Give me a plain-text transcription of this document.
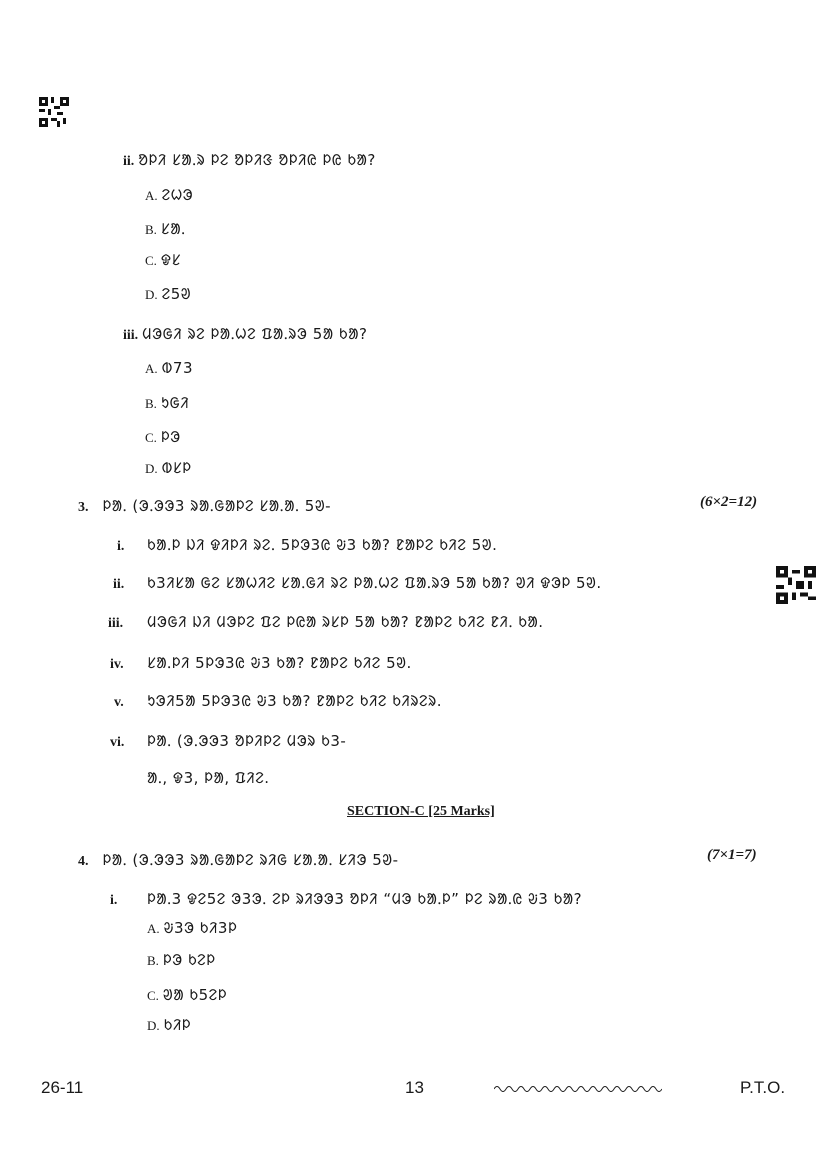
ii. ᱚᱞᱤ ᱥᱟᱹᱨ ᱞᱮ ᱚᱞᱤᱝ ᱚᱞᱤᱭ ᱞᱭ ᱠᱟ?
A. ᱮᱦᱳ
B. ᱥᱟᱹ
C. ᱫᱥ
D. ᱮ5ᱣ
iii. ᱢᱳᱜᱤ ᱨᱮ ᱞᱟᱹᱦᱮ ᱯᱟᱹᱨᱳ 5ᱟ ᱠᱟ?
A. ᱵ73
B. ᱩᱜᱤ
C. ᱞᱳ
D. ᱵᱥᱞ
3. ᱞᱟᱹ (ᱳᱹᱳᱳ3 ᱨᱟᱹᱜᱟᱞᱮ ᱥᱟᱹᱟᱹ 5ᱣ-	(6×2=12)
i. ᱠᱟᱹᱞ ᱡᱤ ᱫᱤᱞᱤ ᱨᱮᱹ 5ᱞᱳ3ᱭ ᱶ3 ᱠᱟ? ᱱᱟᱞᱮ ᱠᱤᱮ 5ᱣ.
ii. ᱠ3ᱤᱥᱟ ᱜᱮ ᱥᱟᱦᱤᱮ ᱥᱟᱹᱜᱤ ᱨᱮ ᱞᱟᱹᱦᱮ ᱯᱟᱹᱨᱳ 5ᱟ ᱠᱟ? ᱣᱤ ᱫᱳᱞ 5ᱣ.
iii. ᱢᱳᱜᱤ ᱡᱤ ᱢᱳᱞᱮ ᱯᱮ ᱞᱭᱟ ᱨᱥᱞ 5ᱟ ᱠᱟ? ᱱᱟᱞᱮ ᱠᱤᱮ ᱱᱤᱹ ᱠᱟ.
iv. ᱥᱟᱹᱞᱤ 5ᱞᱳ3ᱭ ᱶ3 ᱠᱟ? ᱱᱟᱞᱮ ᱠᱤᱮ 5ᱣ.
v. ᱩᱳᱤ5ᱟ 5ᱞᱳ3ᱭ ᱶ3 ᱠᱟ? ᱱᱟᱞᱮ ᱠᱤᱮ ᱠᱤᱨᱮᱨ.
vi. ᱞᱟᱹ (ᱳᱹᱳᱳ3 ᱚᱞᱤᱞᱮ ᱢᱳᱨ ᱠ3-
ᱟᱹ, ᱫ3, ᱞᱟ, ᱯᱤᱮ.
SECTION-C [25 Marks]
4. ᱞᱟᱹ (ᱳᱹᱳᱳ3 ᱨᱟᱹᱜᱟᱞᱮ ᱨᱤᱜ ᱥᱟᱹᱟᱹ ᱥᱤᱳ 5ᱣ-	(7×1=7)
i. ᱞᱟᱹ3 ᱫᱮ5ᱮ ᱳ3ᱳᱹ ᱮᱞ ᱨᱤᱳᱳ3 ᱚᱞᱤ “ᱢᱳ ᱠᱟᱹᱞ” ᱞᱮ ᱨᱟᱹᱭ ᱶ3 ᱠᱟ?
A. ᱶ3ᱳ ᱠᱤ3ᱞ
B. ᱞᱳ ᱠᱮᱞ
C. ᱣᱟ ᱠ5ᱮᱞ
D. ᱠᱤᱞ
26-11	13	P.T.O.
